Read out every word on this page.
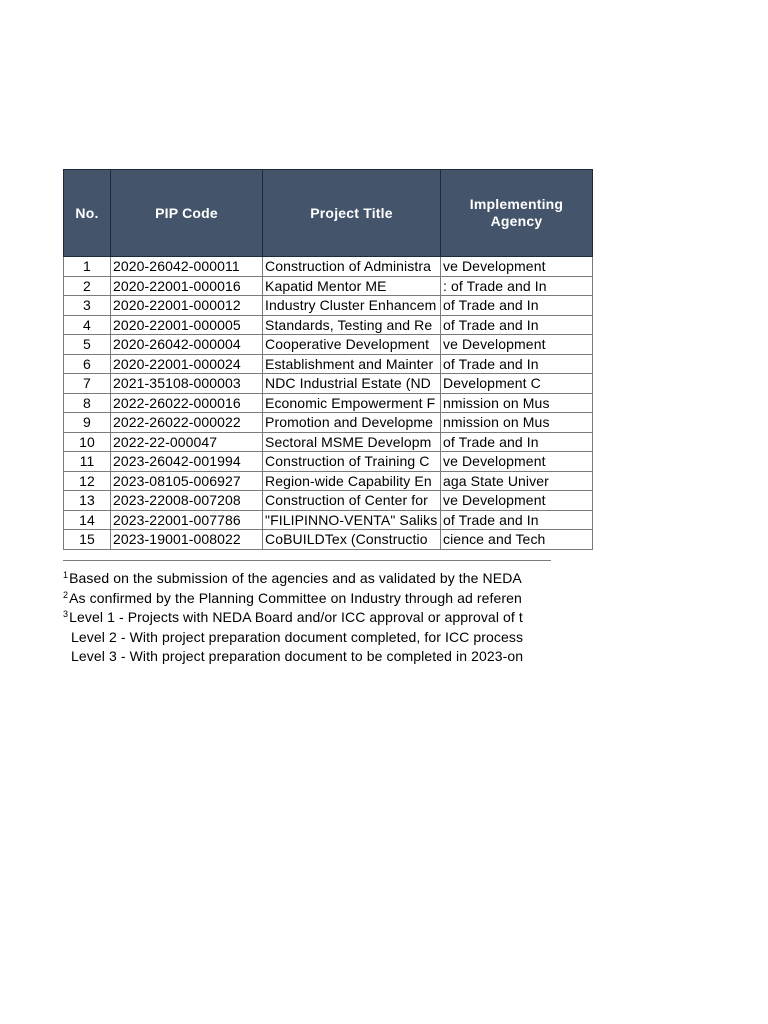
No.	PIP Code	Project Title	Implementing Agency
1	2020-26042-000011	Construction of Administra	ve Development
2	2020-22001-000016	Kapatid Mentor ME	: of Trade and In
3	2020-22001-000012	Industry Cluster Enhancem	of Trade and In
4	2020-22001-000005	Standards, Testing and Re	of Trade and In
5	2020-26042-000004	Cooperative Development	ve Development
6	2020-22001-000024	Establishment and Mainter	of Trade and In
7	2021-35108-000003	NDC Industrial Estate (ND	Development C
8	2022-26022-000016	Economic Empowerment F	nmission on Mus
9	2022-26022-000022	Promotion and Developme	nmission on Mus
10	2022-22-000047	Sectoral MSME Developm	of Trade and In
11	2023-26042-001994	Construction of Training C	ve Development
12	2023-08105-006927	Region-wide Capability En	aga State Univer
13	2023-22008-007208	Construction of Center for	ve Development
14	2023-22001-007786	"FILIPINNO-VENTA" Saliks	of Trade and In
15	2023-19001-008022	CoBUILDTex (Constructio	cience and Tech
$^1$Based on the submission of the agencies and as validated by the NEDA
$^2$As confirmed by the Planning Committee on Industry through ad referen
$^3$Level 1 - Projects with NEDA Board and/or ICC approval or approval of t
Level 2 - With project preparation document completed, for ICC process
Level 3 - With project preparation document to be completed in 2023-on
